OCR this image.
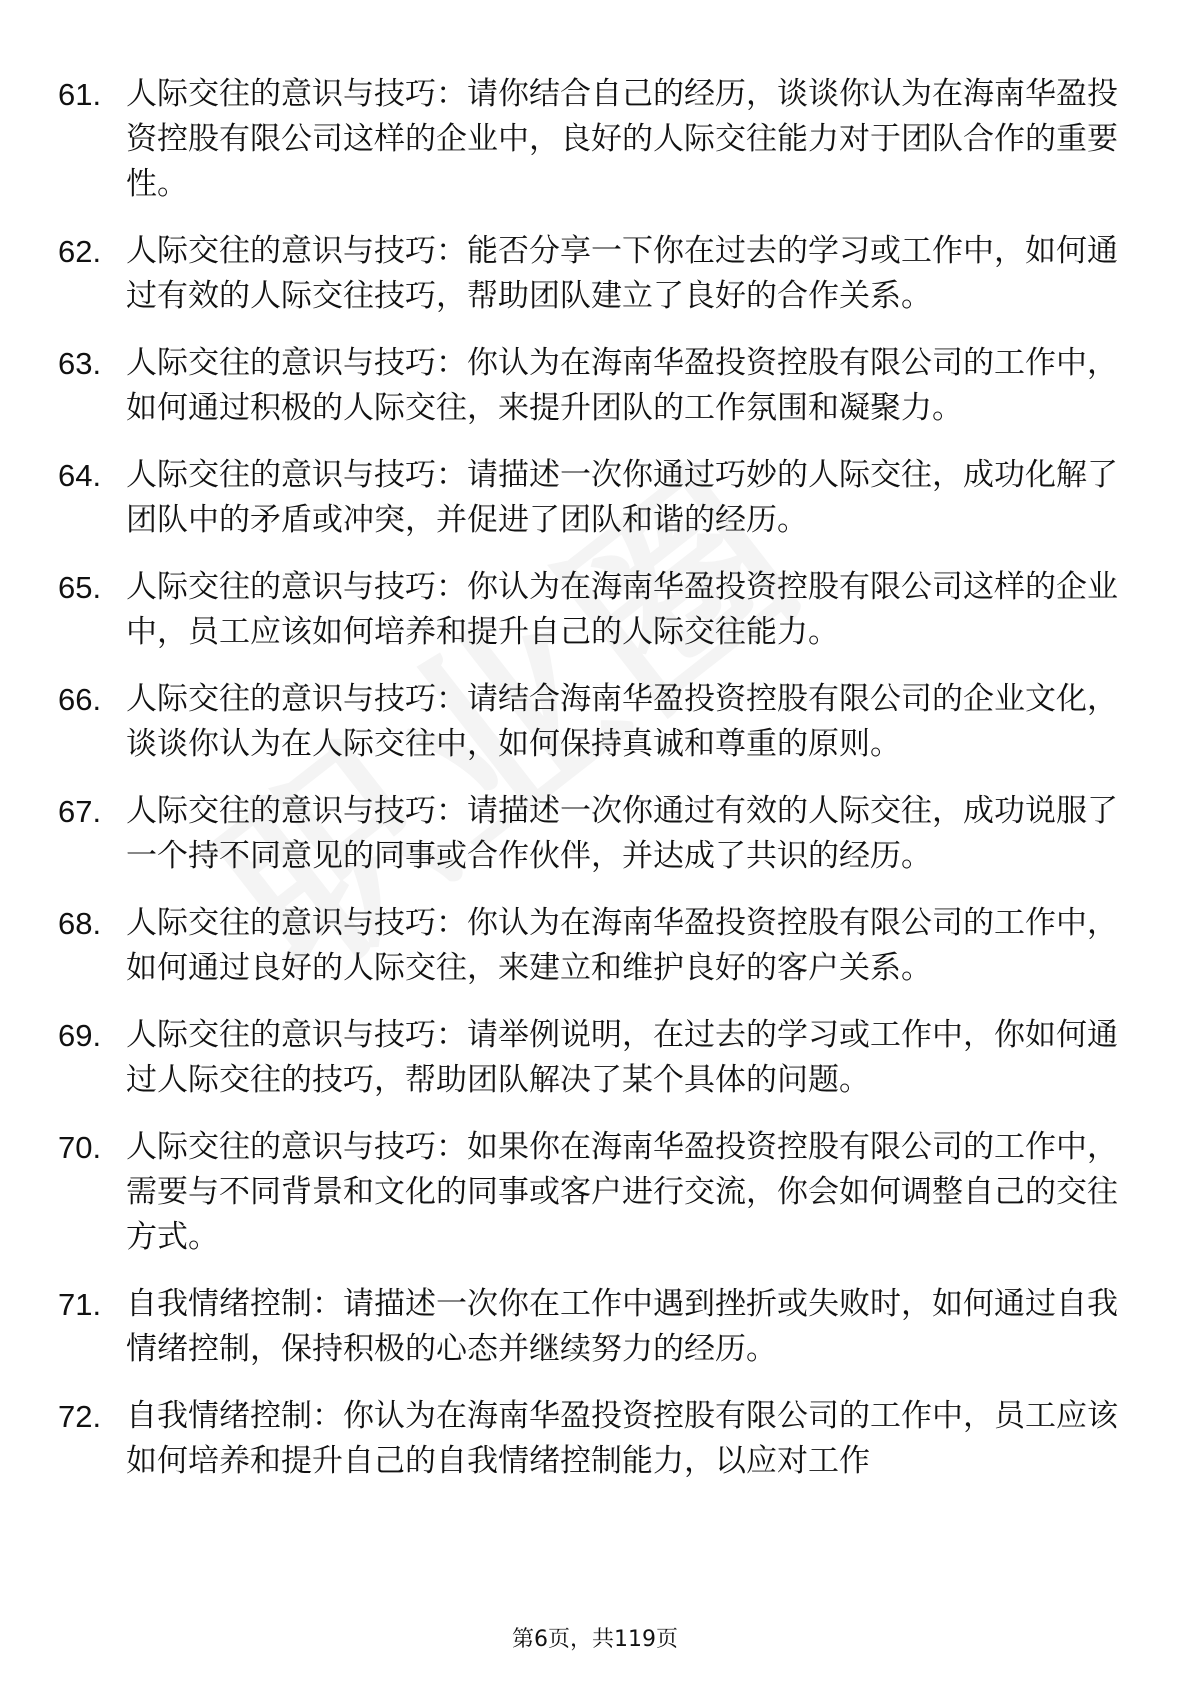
61. 人际交往的意识与技巧：请你结合自己的经历，谈谈你认为在海南华盈投资控股有限公司这样的企业中，良好的人际交往能力对于团队合作的重要性。
62. 人际交往的意识与技巧：能否分享一下你在过去的学习或工作中，如何通过有效的人际交往技巧，帮助团队建立了良好的合作关系。
63. 人际交往的意识与技巧：你认为在海南华盈投资控股有限公司的工作中，如何通过积极的人际交往，来提升团队的工作氛围和凝聚力。
64. 人际交往的意识与技巧：请描述一次你通过巧妙的人际交往，成功化解了团队中的矛盾或冲突，并促进了团队和谐的经历。
65. 人际交往的意识与技巧：你认为在海南华盈投资控股有限公司这样的企业中，员工应该如何培养和提升自己的人际交往能力。
66. 人际交往的意识与技巧：请结合海南华盈投资控股有限公司的企业文化，谈谈你认为在人际交往中，如何保持真诚和尊重的原则。
67. 人际交往的意识与技巧：请描述一次你通过有效的人际交往，成功说服了一个持不同意见的同事或合作伙伴，并达成了共识的经历。
68. 人际交往的意识与技巧：你认为在海南华盈投资控股有限公司的工作中，如何通过良好的人际交往，来建立和维护良好的客户关系。
69. 人际交往的意识与技巧：请举例说明，在过去的学习或工作中，你如何通过人际交往的技巧，帮助团队解决了某个具体的问题。
70. 人际交往的意识与技巧：如果你在海南华盈投资控股有限公司的工作中，需要与不同背景和文化的同事或客户进行交流，你会如何调整自己的交往方式。
71. 自我情绪控制：请描述一次你在工作中遇到挫折或失败时，如何通过自我情绪控制，保持积极的心态并继续努力的经历。
72. 自我情绪控制：你认为在海南华盈投资控股有限公司的工作中，员工应该如何培养和提升自己的自我情绪控制能力，以应对工作
第6页，共119页
